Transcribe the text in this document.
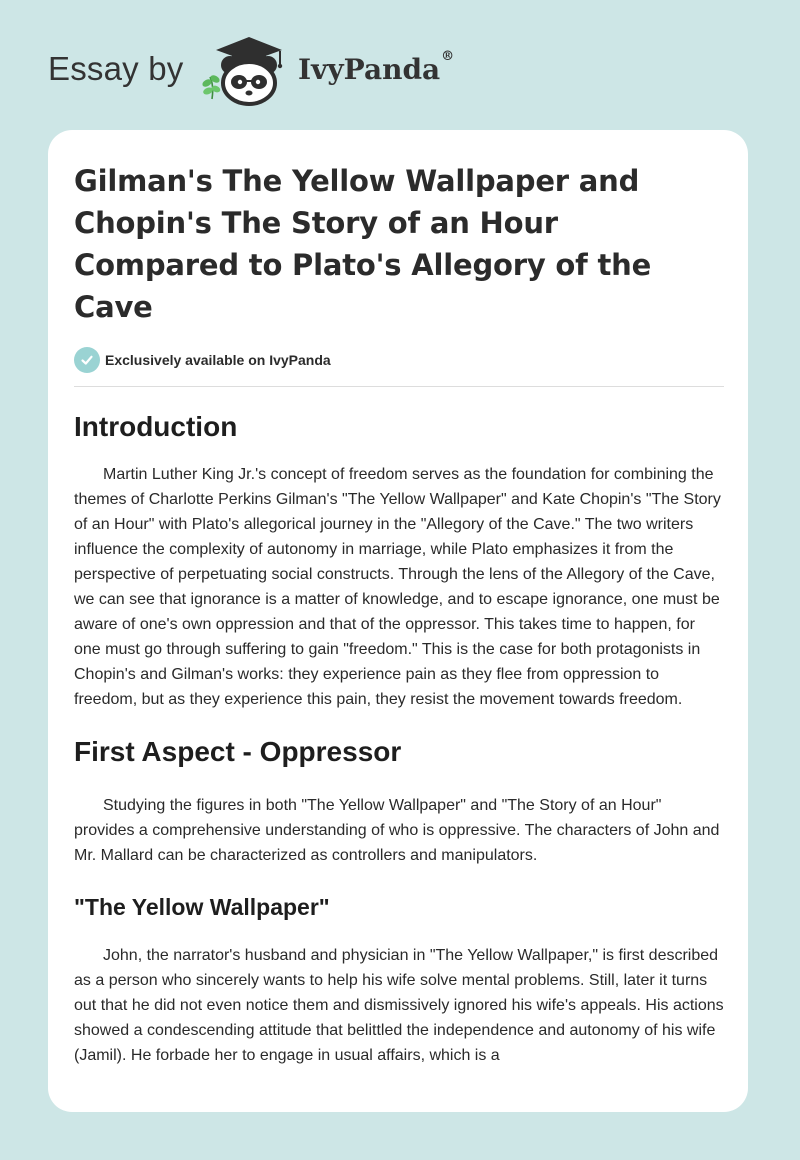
Essay by	IvyPanda®
Gilman's The Yellow Wallpaper and Chopin's The Story of an Hour Compared to Plato's Allegory of the Cave
Exclusively available on IvyPanda
Introduction

Martin Luther King Jr.'s concept of freedom serves as the foundation for combining the themes of Charlotte Perkins Gilman's "The Yellow Wallpaper" and Kate Chopin's "The Story of an Hour" with Plato's allegorical journey in the "Allegory of the Cave." The two writers influence the complexity of autonomy in marriage, while Plato emphasizes it from the perspective of perpetuating social constructs. Through the lens of the Allegory of the Cave, we can see that ignorance is a matter of knowledge, and to escape ignorance, one must be aware of one's own oppression and that of the oppressor. This takes time to happen, for one must go through suffering to gain "freedom." This is the case for both protagonists in Chopin's and Gilman's works: they experience pain as they flee from oppression to freedom, but as they experience this pain, they resist the movement towards freedom.

First Aspect - Oppressor

Studying the figures in both "The Yellow Wallpaper" and "The Story of an Hour" provides a comprehensive understanding of who is oppressive. The characters of John and Mr. Mallard can be characterized as controllers and manipulators.

"The Yellow Wallpaper"

John, the narrator's husband and physician in "The Yellow Wallpaper," is first described as a person who sincerely wants to help his wife solve mental problems. Still, later it turns out that he did not even notice them and dismissively ignored his wife's appeals. His actions showed a condescending attitude that belittled the independence and autonomy of his wife (Jamil). He forbade her to engage in usual affairs, which is a
